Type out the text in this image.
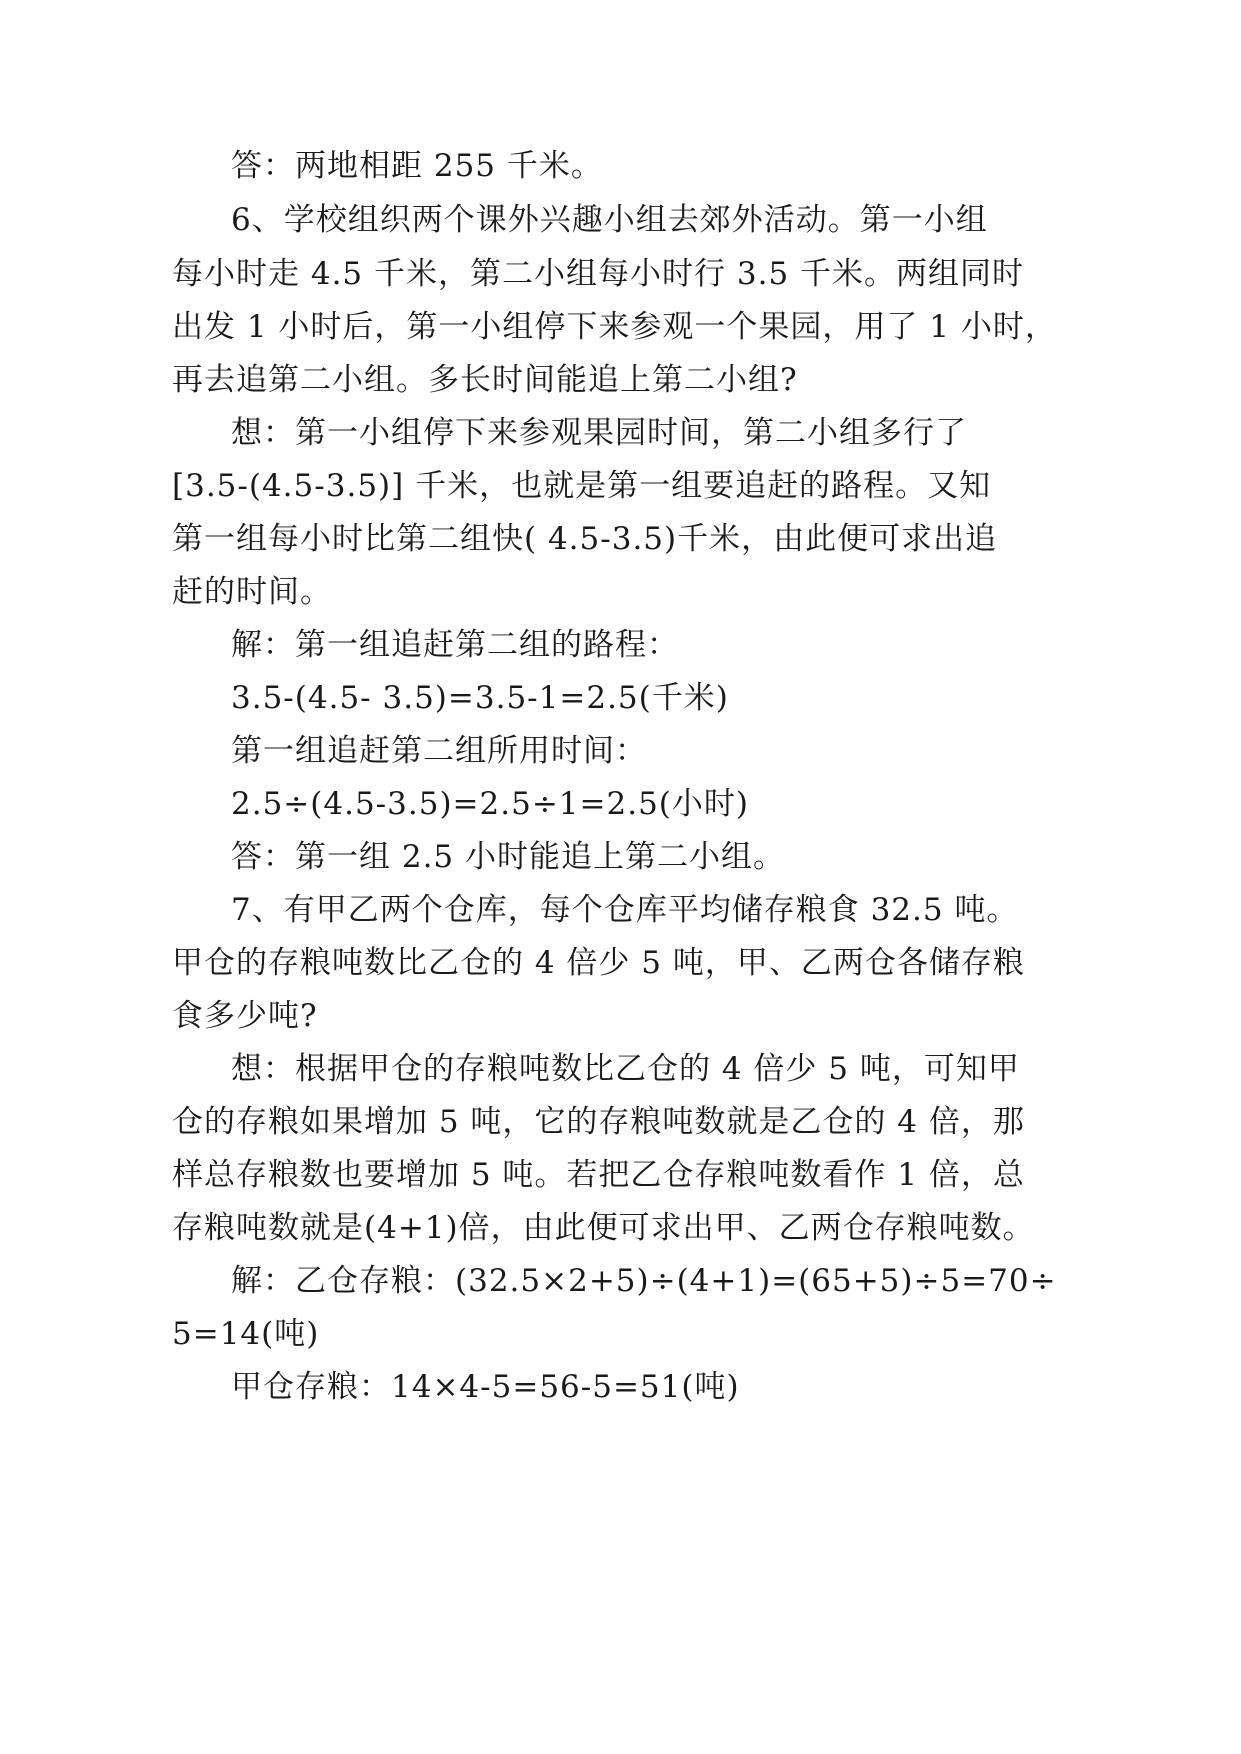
答：两地相距 255 千米。
6、学校组织两个课外兴趣小组去郊外活动。第一小组
每小时走 4.5 千米，第二小组每小时行 3.5 千米。两组同时
出发 1 小时后，第一小组停下来参观一个果园，用了 1 小时，
再去追第二小组。多长时间能追上第二小组?
想：第一小组停下来参观果园时间，第二小组多行了
[3.5-(4.5-3.5)] 千米，也就是第一组要追赶的路程。又知
第一组每小时比第二组快( 4.5-3.5)千米，由此便可求出追
赶的时间。
解：第一组追赶第二组的路程：
3.5-(4.5- 3.5)=3.5-1=2.5(千米)
第一组追赶第二组所用时间：
2.5÷(4.5-3.5)=2.5÷1=2.5(小时)
答：第一组 2.5 小时能追上第二小组。
7、有甲乙两个仓库，每个仓库平均储存粮食 32.5 吨。
甲仓的存粮吨数比乙仓的 4 倍少 5 吨，甲、乙两仓各储存粮
食多少吨?
想：根据甲仓的存粮吨数比乙仓的 4 倍少 5 吨，可知甲
仓的存粮如果增加 5 吨，它的存粮吨数就是乙仓的 4 倍，那
样总存粮数也要增加 5 吨。若把乙仓存粮吨数看作 1 倍，总
存粮吨数就是(4+1)倍，由此便可求出甲、乙两仓存粮吨数。
解：乙仓存粮：(32.5×2+5)÷(4+1)=(65+5)÷5=70÷
5=14(吨)
甲仓存粮：14×4-5=56-5=51(吨)
